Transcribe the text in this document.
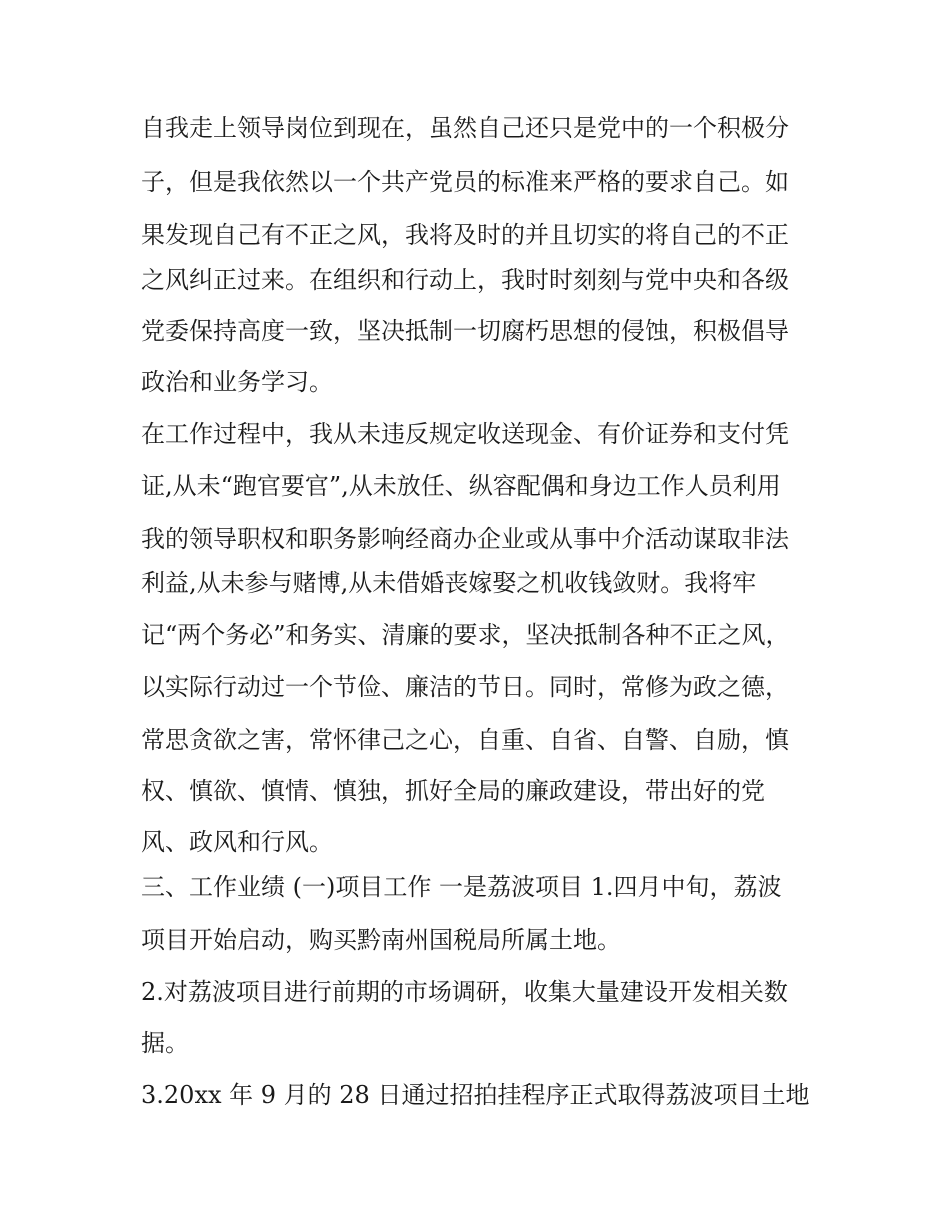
自我走上领导岗位到现在，虽然自己还只是党中的一个积极分
子，但是我依然以一个共产党员的标准来严格的要求自己。如
果发现自己有不正之风，我将及时的并且切实的将自己的不正
之风纠正过来。在组织和行动上，我时时刻刻与党中央和各级
党委保持高度一致，坚决抵制一切腐朽思想的侵蚀，积极倡导
政治和业务学习。
在工作过程中，我从未违反规定收送现金、有价证券和支付凭
证,从未“跑官要官”,从未放任、纵容配偶和身边工作人员利用
我的领导职权和职务影响经商办企业或从事中介活动谋取非法
利益,从未参与赌博,从未借婚丧嫁娶之机收钱敛财。我将牢
记“两个务必”和务实、清廉的要求，坚决抵制各种不正之风，
以实际行动过一个节俭、廉洁的节日。同时，常修为政之德，
常思贪欲之害，常怀律己之心，自重、自省、自警、自励，慎
权、慎欲、慎情、慎独，抓好全局的廉政建设，带出好的党
风、政风和行风。
三、工作业绩 (一)项目工作 一是荔波项目 1.四月中旬，荔波
项目开始启动，购买黔南州国税局所属土地。
2.对荔波项目进行前期的市场调研，收集大量建设开发相关数
据。
3.20xx 年 9 月的 28 日通过招拍挂程序正式取得荔波项目土地
